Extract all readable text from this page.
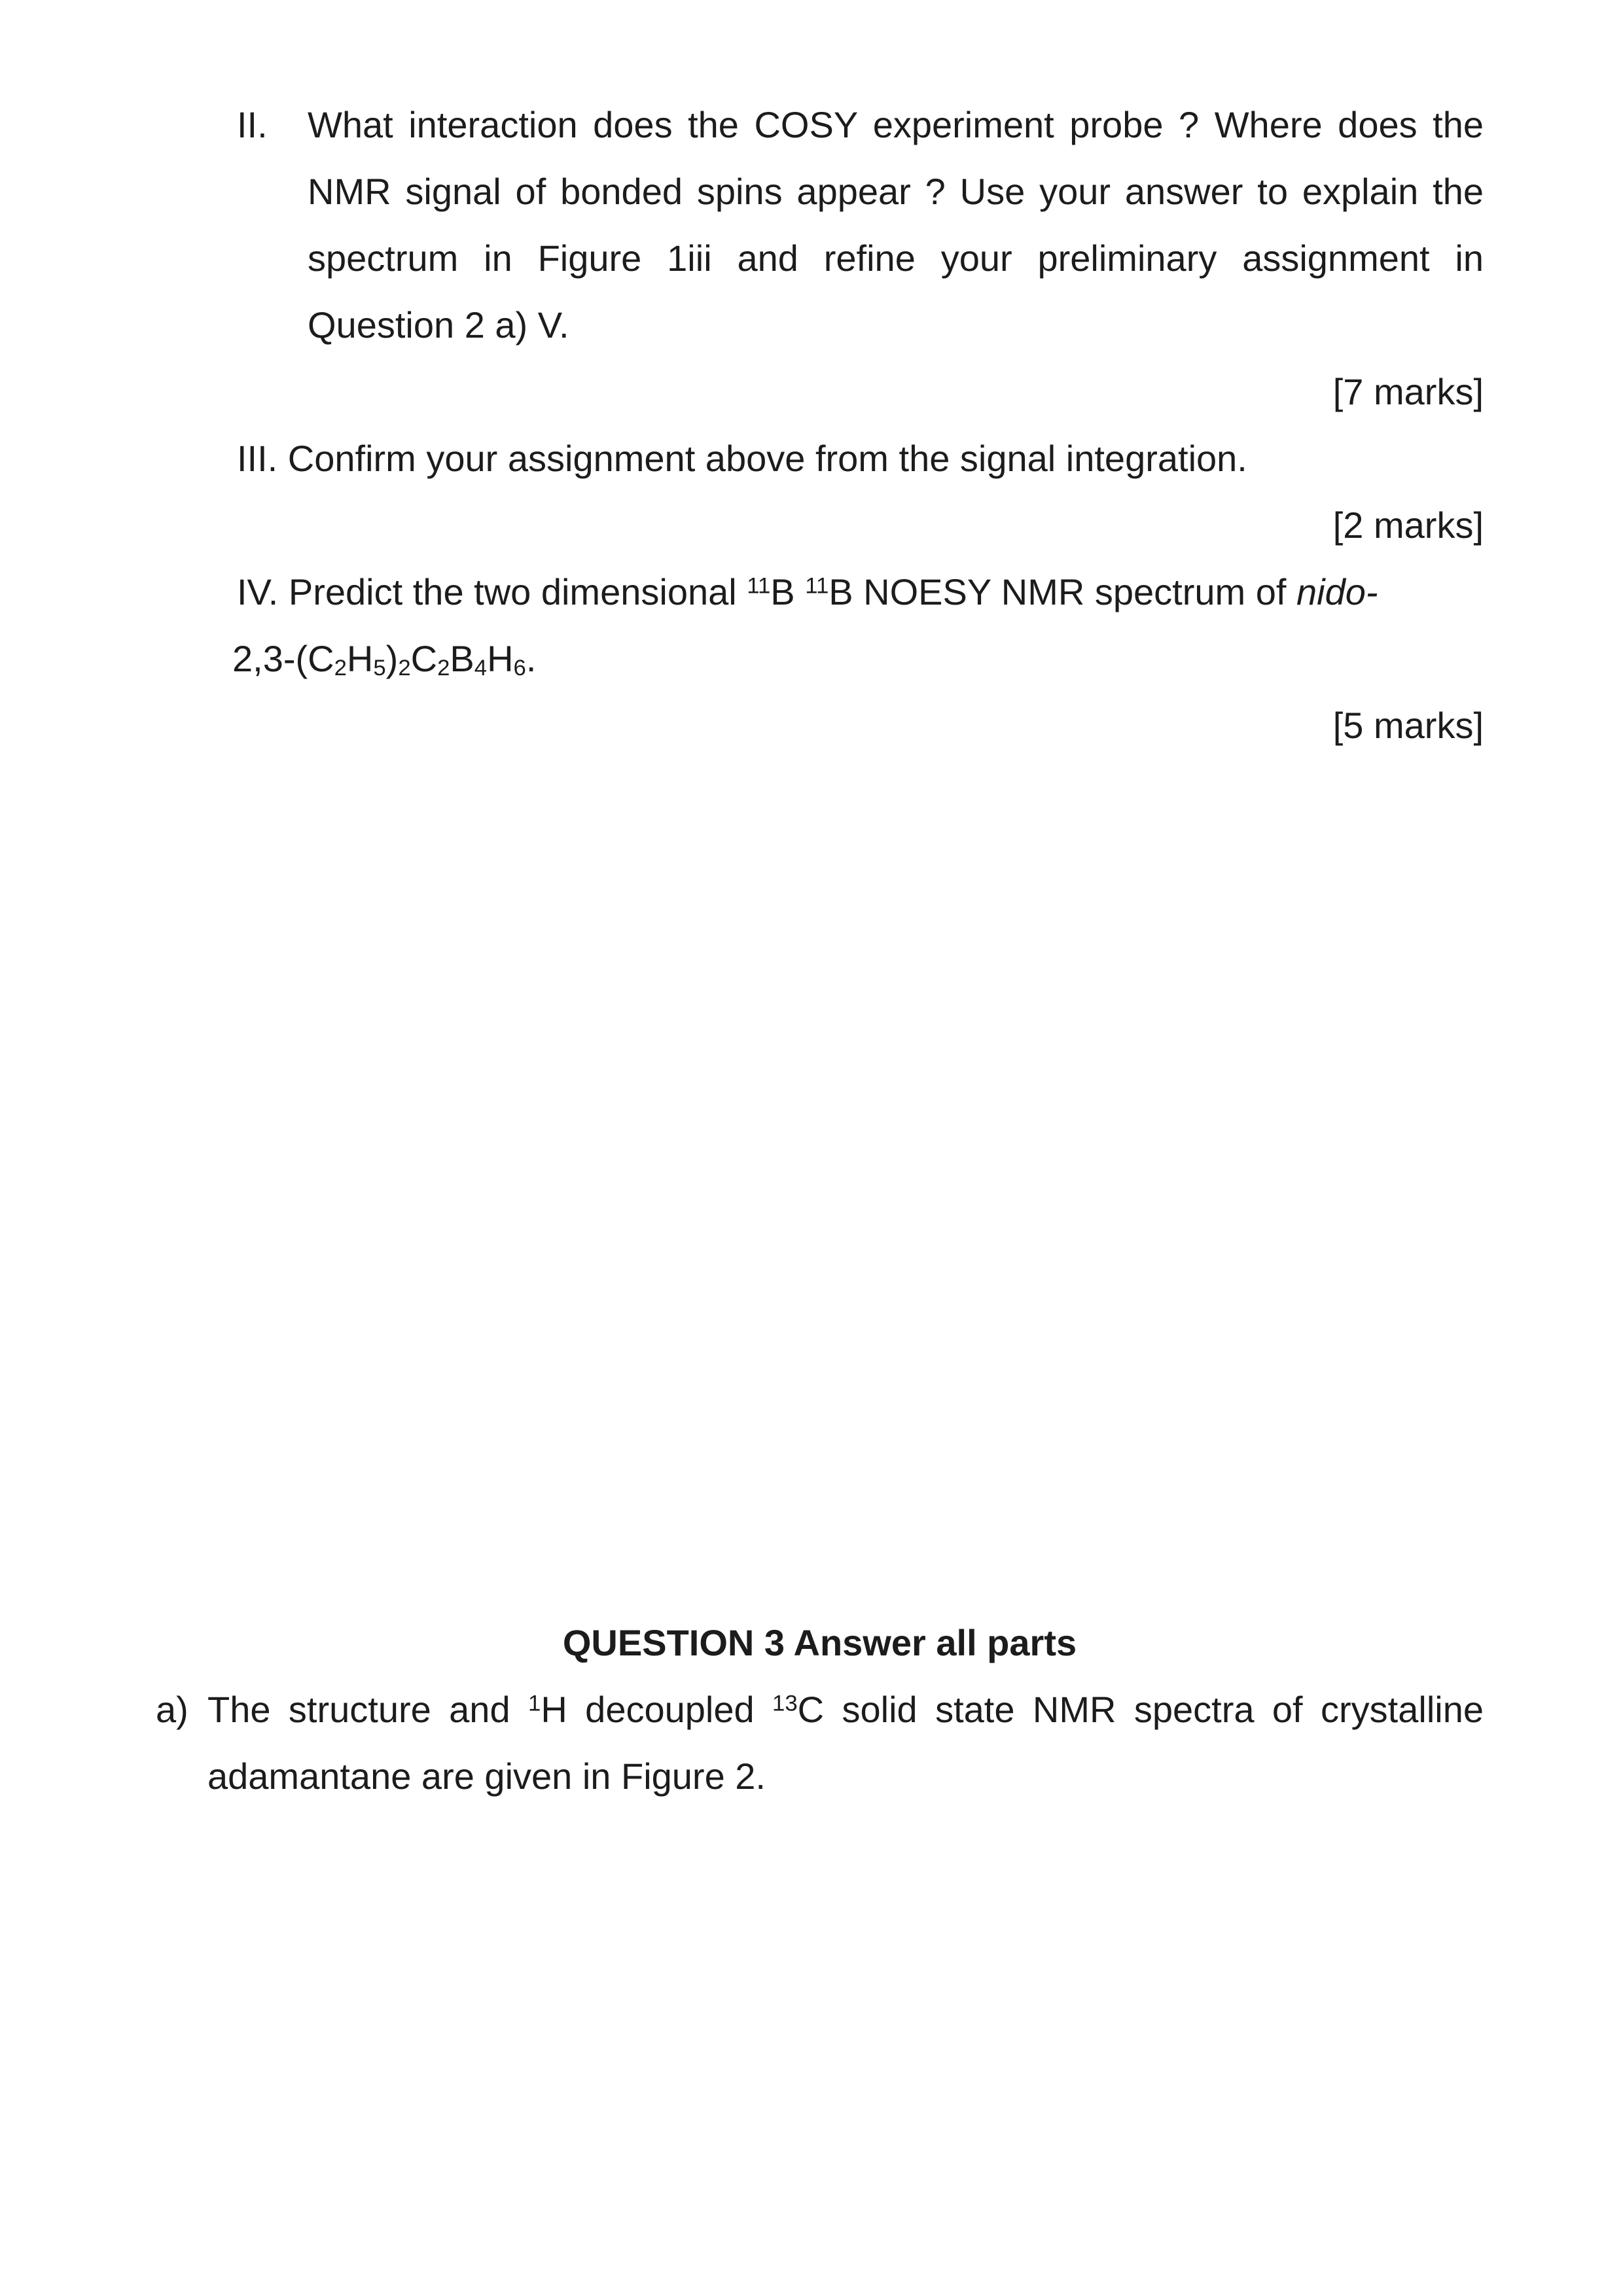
II.	What interaction does the COSY experiment probe ? Where does the NMR signal of bonded spins appear ? Use your answer to explain the spectrum in Figure 1iii and refine your preliminary assignment in Question 2 a) V.
[7 marks]
III. Confirm your assignment above from the signal integration.
[2 marks]
IV. Predict the two dimensional $^{11}$B $^{11}$B NOESY NMR spectrum of nido-
2,3-(C2H5)2C2B4H6.
[5 marks]
QUESTION 3 Answer all parts
a) The structure and $^1$H decoupled $^{13}$C solid state NMR spectra of crystalline adamantane are given in Figure 2.
